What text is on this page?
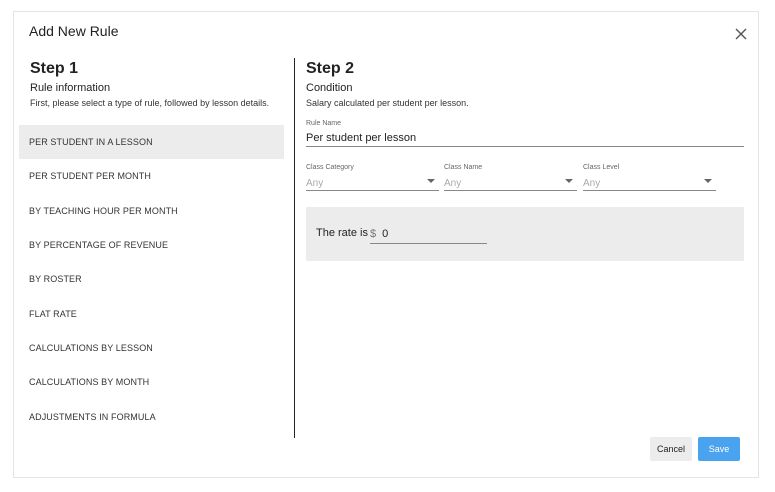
Add New Rule
Step 1
Rule information
First, please select a type of rule, followed by lesson details.
PER STUDENT IN A LESSON
PER STUDENT PER MONTH
BY TEACHING HOUR PER MONTH
BY PERCENTAGE OF REVENUE
BY ROSTER
FLAT RATE
CALCULATIONS BY LESSON
CALCULATIONS BY MONTH
ADJUSTMENTS IN FORMULA
Step 2
Condition
Salary calculated per student per lesson.
Rule Name
Per student per lesson
Class Category
Any
Class Name
Any
Class Level
Any
The rate is $
0
Cancel	Save
